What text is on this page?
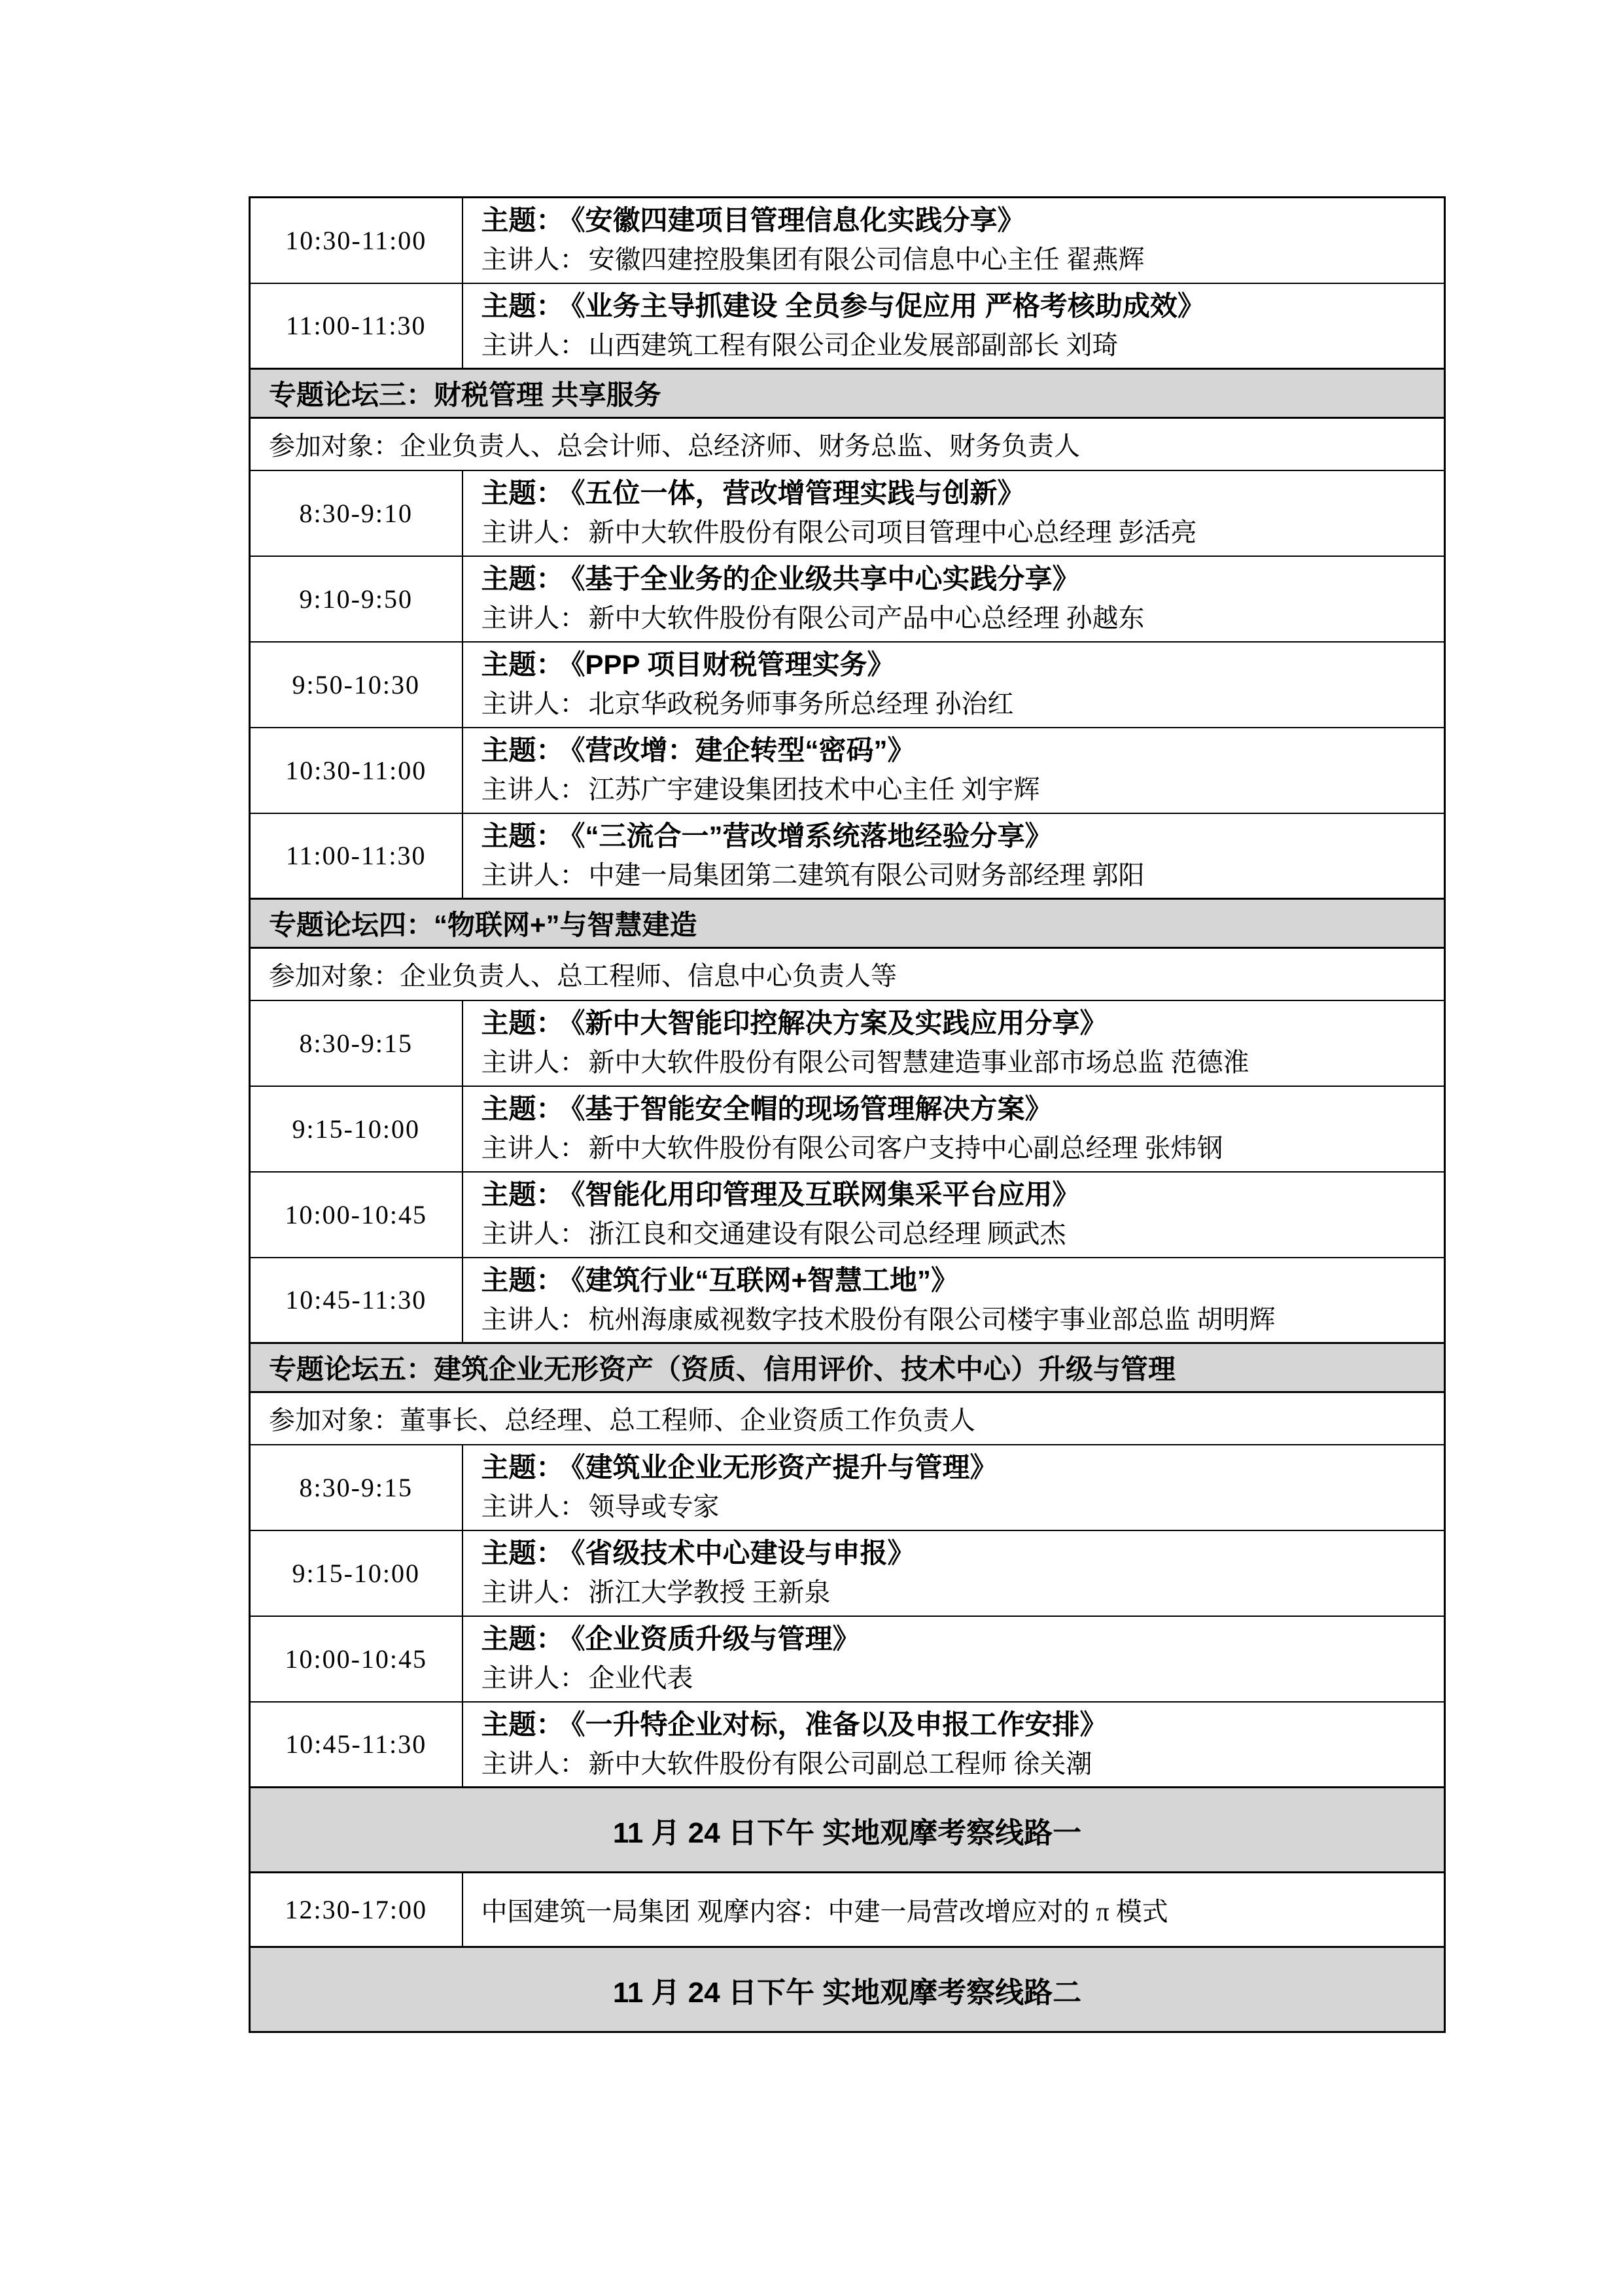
10:30-11:00	主题： 《安徽四建项目管理信息化实践分享》
主讲人： 安徽四建控股集团有限公司信息中心主任 翟燕辉

11:00-11:30	主题： 《业务主导抓建设 全员参与促应用 严格考核助成效》
主讲人： 山西建筑工程有限公司企业发展部副部长 刘琦

专题论坛三：财税管理 共享服务	
参加对象：企业负责人、总会计师、总经济师、财务总监、财务负责人	
8:30-9:10	主题： 《五位一体，营改增管理实践与创新》
主讲人： 新中大软件股份有限公司项目管理中心总经理 彭活亮

9:10-9:50	主题： 《基于全业务的企业级共享中心实践分享》
主讲人： 新中大软件股份有限公司产品中心总经理 孙越东

9:50-10:30	主题： 《PPP 项目财税管理实务》
主讲人： 北京华政税务师事务所总经理 孙治红

10:30-11:00	主题： 《营改增：建企转型“密码”》
主讲人： 江苏广宇建设集团技术中心主任 刘宇辉

11:00-11:30	主题： 《“三流合一”营改增系统落地经验分享》
主讲人： 中建一局集团第二建筑有限公司财务部经理 郭阳

专题论坛四：“物联网+”与智慧建造	
参加对象：企业负责人、总工程师、信息中心负责人等	
8:30-9:15	主题： 《新中大智能印控解决方案及实践应用分享》
主讲人： 新中大软件股份有限公司智慧建造事业部市场总监 范德淮

9:15-10:00	主题： 《基于智能安全帽的现场管理解决方案》
主讲人： 新中大软件股份有限公司客户支持中心副总经理 张炜钢

10:00-10:45	主题： 《智能化用印管理及互联网集采平台应用》
主讲人： 浙江良和交通建设有限公司总经理 顾武杰

10:45-11:30	主题： 《建筑行业“互联网+智慧工地”》
主讲人： 杭州海康威视数字技术股份有限公司楼宇事业部总监 胡明辉

专题论坛五：建筑企业无形资产（资质、信用评价、技术中心）升级与管理	
参加对象：董事长、总经理、总工程师、企业资质工作负责人	
8:30-9:15	主题： 《建筑业企业无形资产提升与管理》
主讲人： 领导或专家

9:15-10:00	主题： 《省级技术中心建设与申报》
主讲人： 浙江大学教授 王新泉

10:00-10:45	主题： 《企业资质升级与管理》
主讲人： 企业代表

10:45-11:30	主题： 《一升特企业对标，准备以及申报工作安排》
主讲人： 新中大软件股份有限公司副总工程师 徐关潮

11 月 24 日下午 实地观摩考察线路一	
12:30-17:00	中国建筑一局集团 观摩内容：中建一局营改增应对的 π 模式
11 月 24 日下午 实地观摩考察线路二	
